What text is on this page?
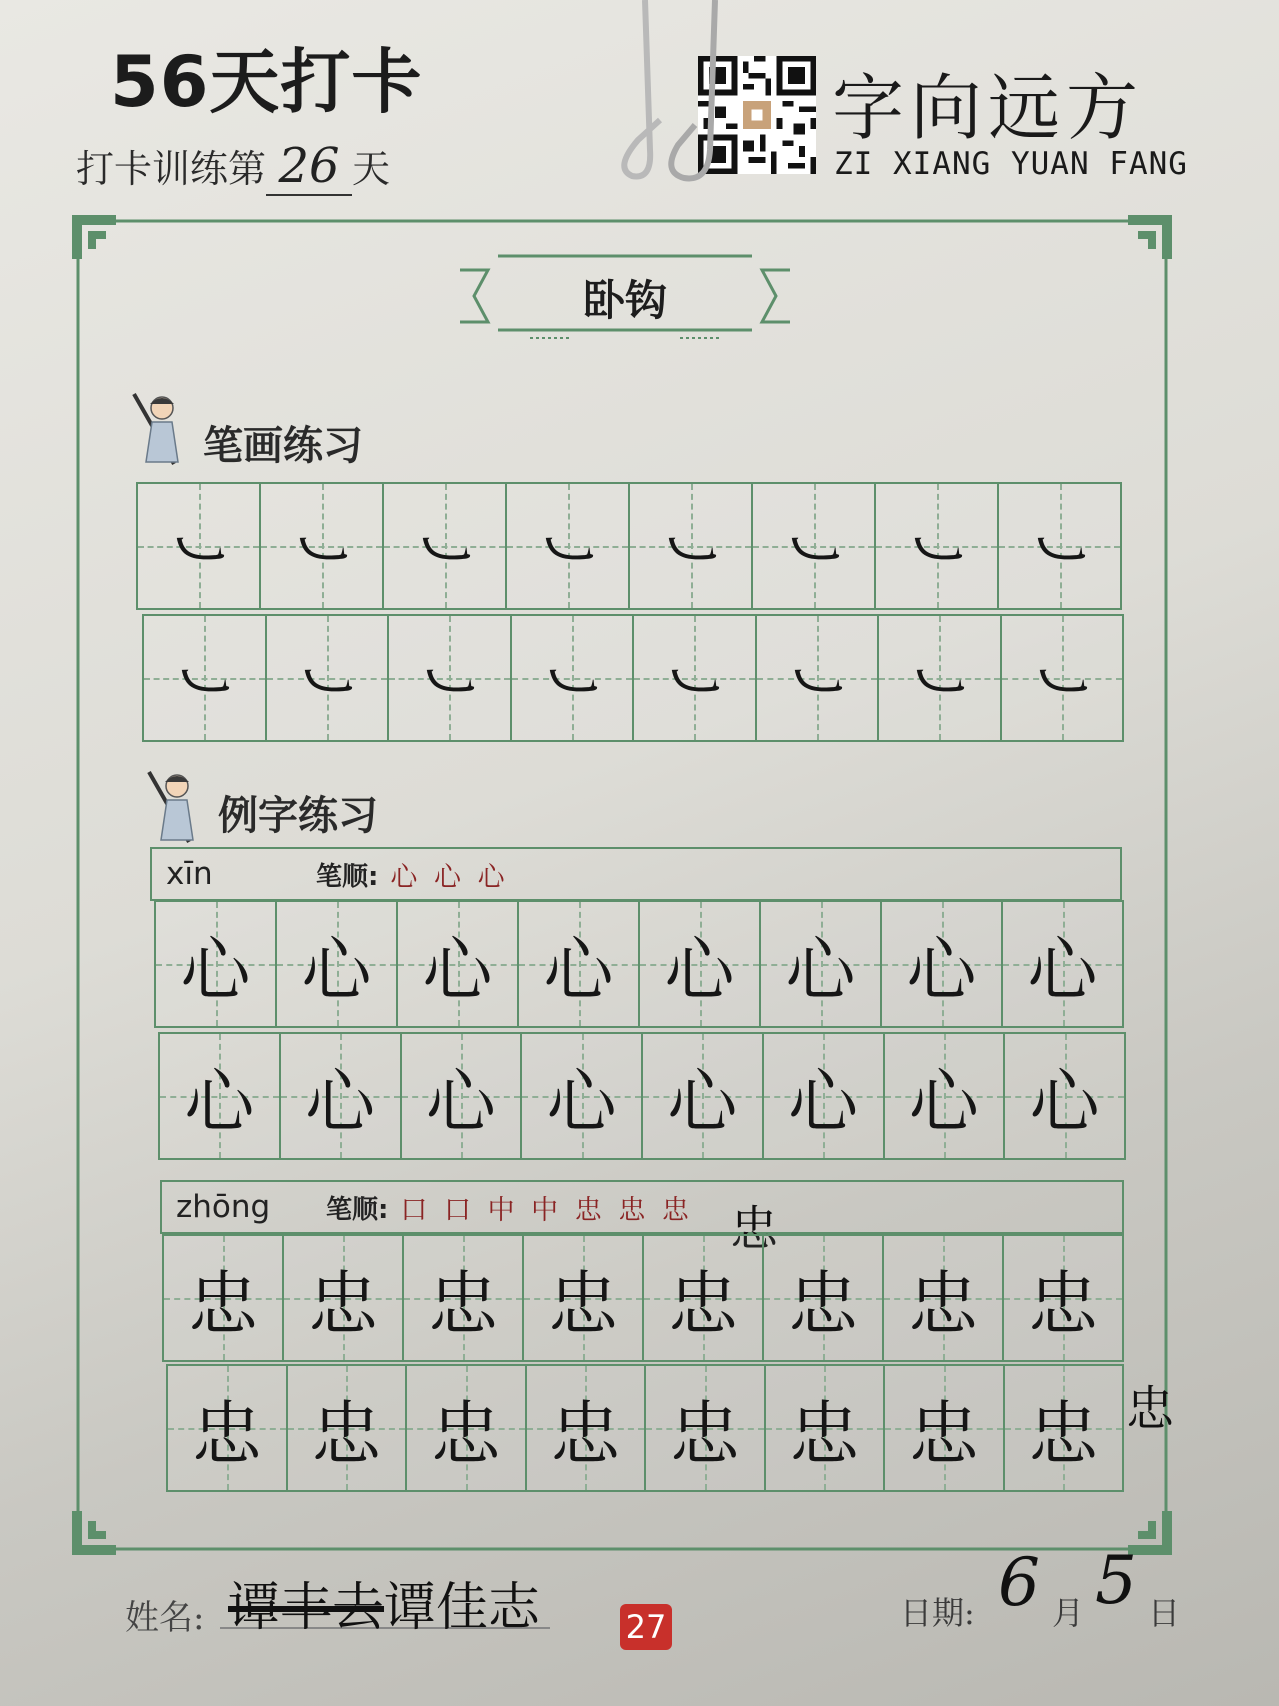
56天打卡
打卡训练第 26 天
字向远方
ZI XIANG YUAN FANG
卧钩
笔画练习
㇃ ㇃ ㇃ ㇃ ㇃ ㇃ ㇃ ㇃
㇃ ㇃ ㇃ ㇃ ㇃ ㇃ ㇃ ㇃
例字练习
xīn	笔顺: 心 心 心
心 心 心 心 心 心 心 心
心 心 心 心 心 心 心 心
zhōng	笔顺: 口 口 中 中 忠 忠 忠 忠
忠 忠 忠 忠 忠 忠 忠 忠
忠 忠 忠 忠 忠 忠 忠 忠 忠
姓名: 谭丰去谭佳志	27	日期: 6 月 5 日
